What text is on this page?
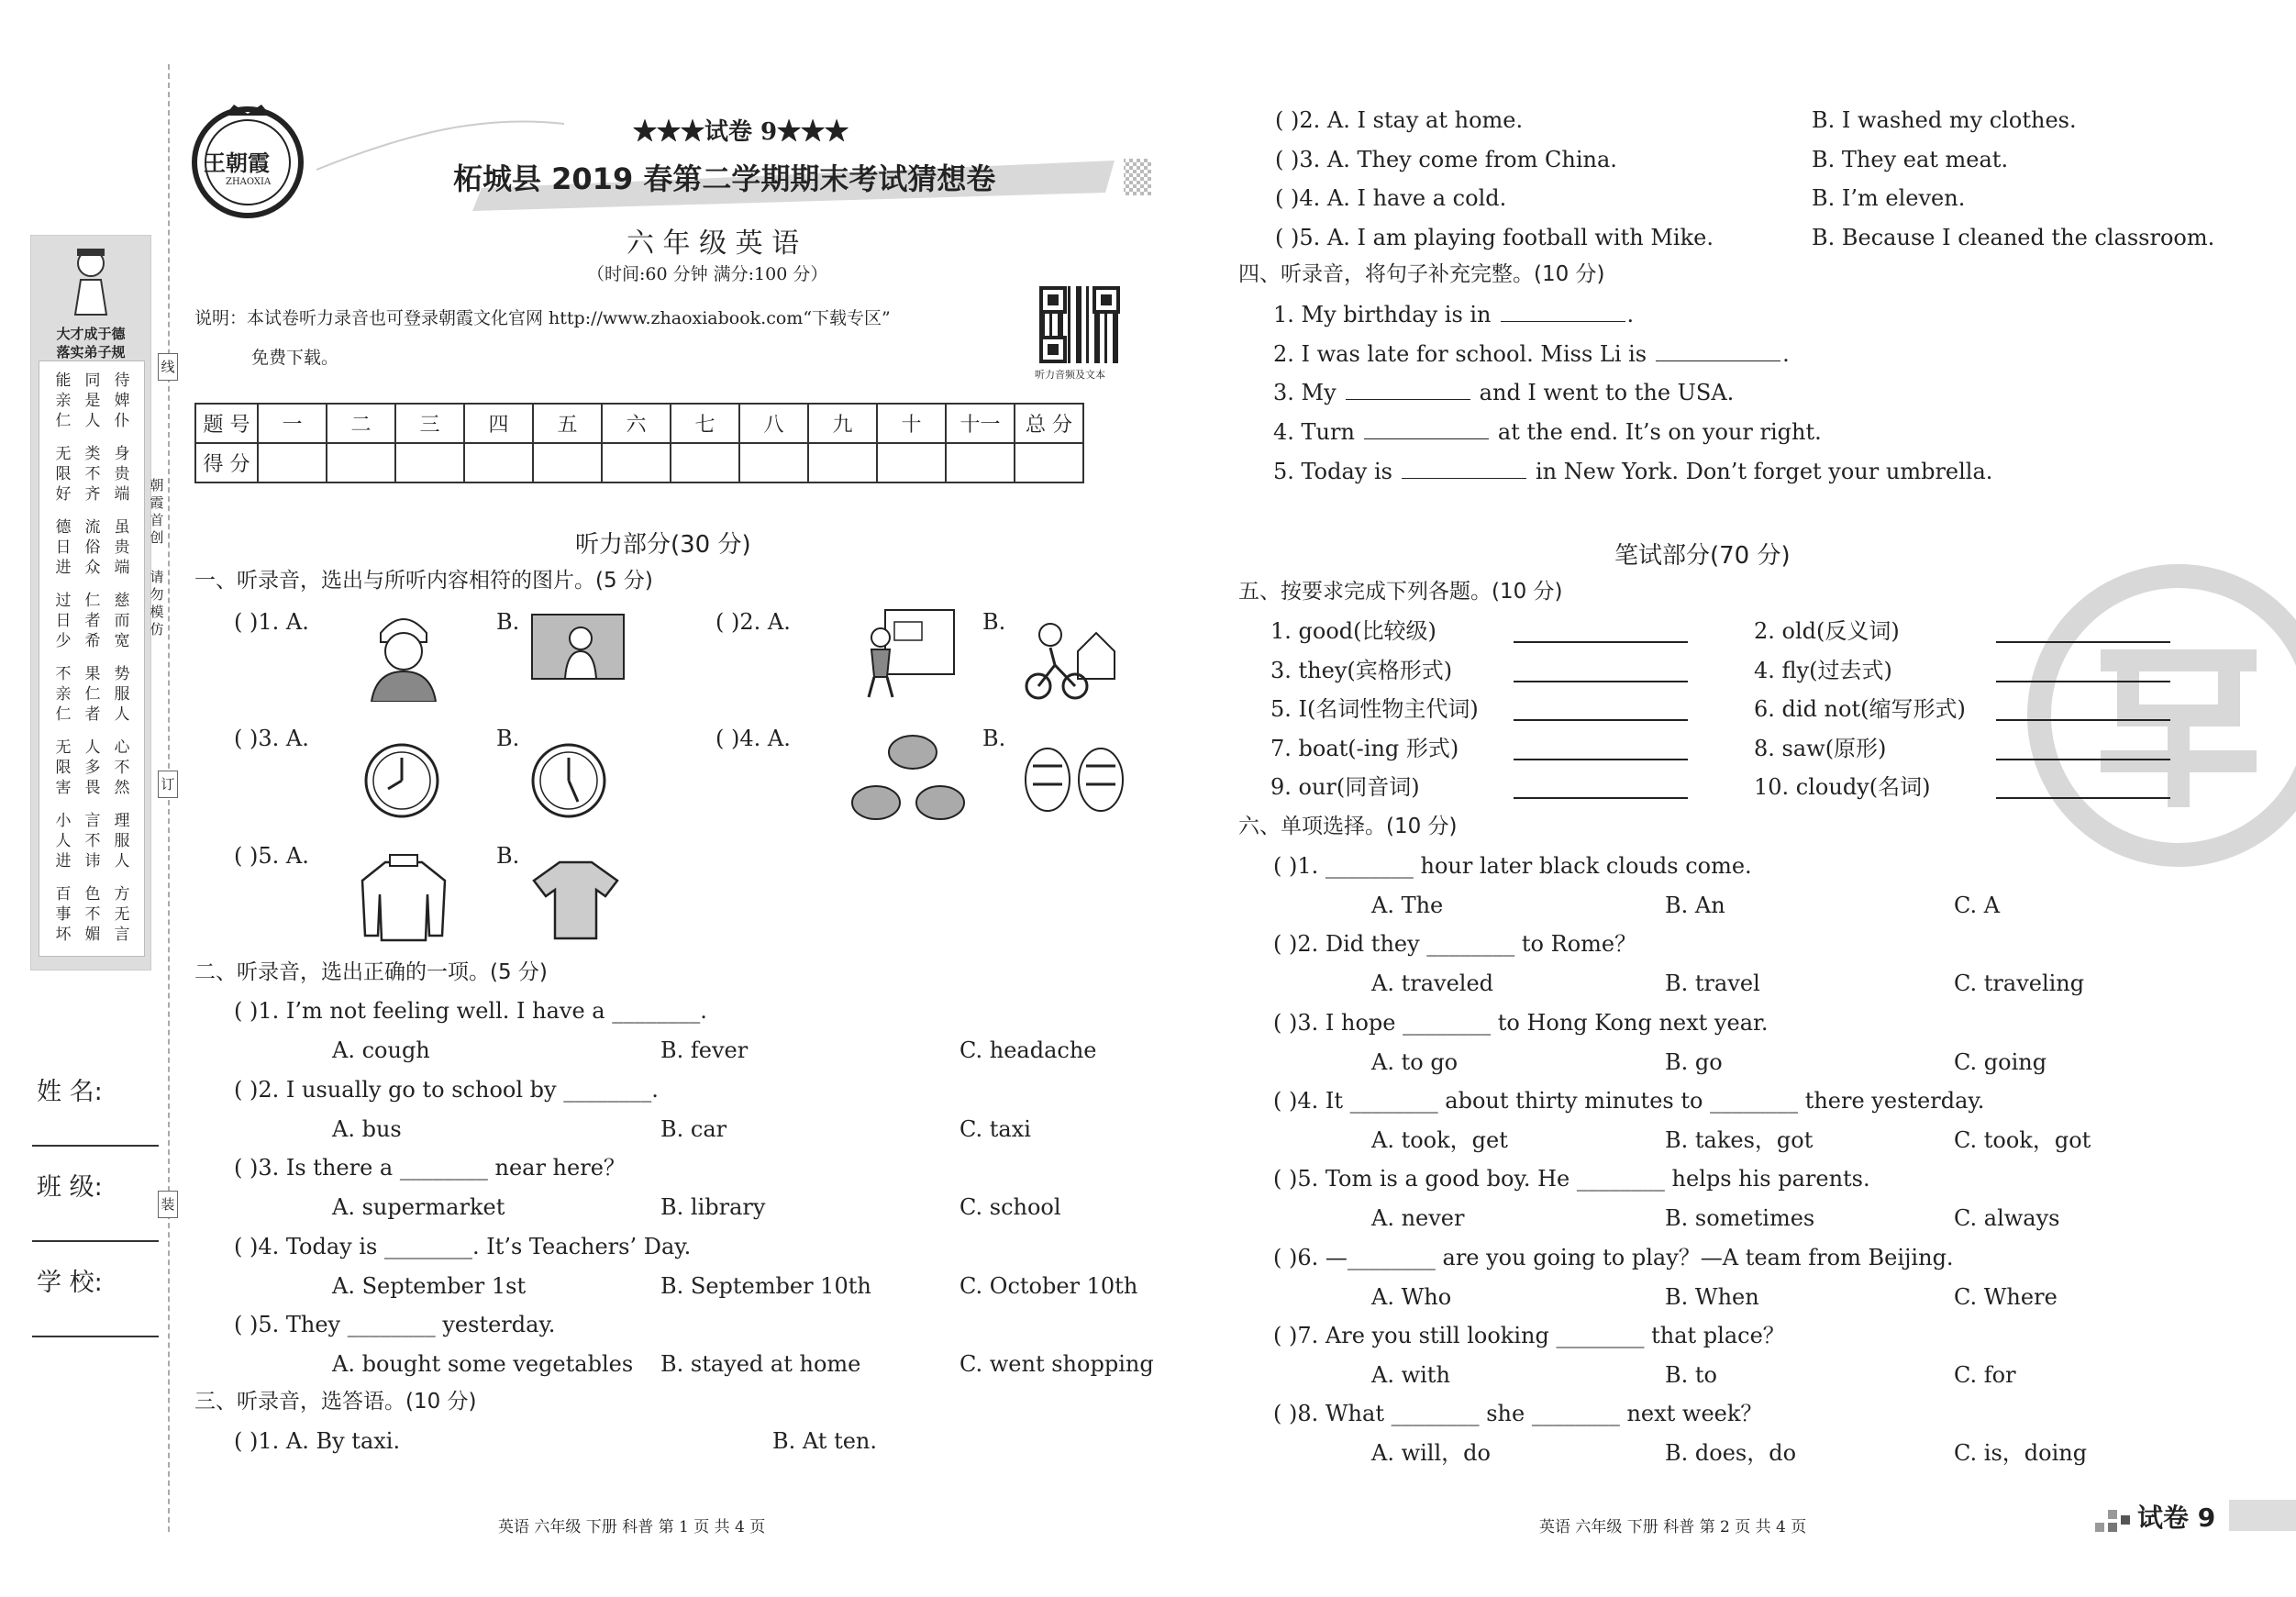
大才成于德
落实弟子规
能亲仁
同是人
待婢仆
无限好
类不齐
身贵端
德日进
流俗众
虽贵端
过日少
仁者希
慈而宽
不亲仁
果仁者
势服人
无限害
人多畏
心不然
小人进
言不讳
理服人
百事坏
色不媚
方无言
线
订
装
朝霞首创
请勿模仿
姓 名:
班 级:
学 校:
王朝霞
ZHAOXIA
★★★试卷 9★★★
柘城县 2019 春第二学期期末考试猜想卷
六 年 级 英 语
（时间:60 分钟 满分:100 分）
说明：本试卷听力录音也可登录朝霞文化官网 http://www.zhaoxiabook.com“下载专区”
免费下载。
听力音频及文本
题 号	一	二	三	四	五	六	七	八	九	十	十一	总 分
得 分												
听力部分(30 分)
一、听录音，选出与所听内容相符的图片。(5 分)
( )1. A.	B.	( )2. A.	B.
( )3. A.	B.	( )4. A.	B.
( )5. A.	B.
二、听录音，选出正确的一项。(5 分)
( )1. I’m not feeling well. I have a ________.
A. cough	B. fever	C. headache
( )2. I usually go to school by ________.
A. bus	B. car	C. taxi
( )3. Is there a ________ near here？
A. supermarket	B. library	C. school
( )4. Today is ________. It’s Teachers’ Day.
A. September 1st	B. September 10th	C. October 10th
( )5. They ________ yesterday.
A. bought some vegetables B. stayed at home	C. went shopping
三、听录音，选答语。(10 分)
( )1. A. By taxi.	B. At ten.
英语 六年级 下册 科普 第 1 页 共 4 页
( )2. A. I stay at home.	B. I washed my clothes.
( )3. A. They come from China.	B. They eat meat.
( )4. A. I have a cold.	B. I’m eleven.
( )5. A. I am playing football with Mike.	B. Because I cleaned the classroom.
四、听录音，将句子补充完整。(10 分)
1. My birthday is in	.
2. I was late for school. Miss Li is	.
3. My	and I went to the USA.
4. Turn	at the end. It’s on your right.
5. Today is	in New York. Don’t forget your umbrella.
笔试部分(70 分)
五、按要求完成下列各题。(10 分)
1. good(比较级)	2. old(反义词)
3. they(宾格形式)	4. fly(过去式)
5. I(名词性物主代词)	6. did not(缩写形式)
7. boat(-ing 形式)	8. saw(原形)
9. our(同音词)	10. cloudy(名词)
六、单项选择。(10 分)
( )1. ________ hour later black clouds come.
A. The	B. An	C. A
( )2. Did they ________ to Rome？
A. traveled	B. travel	C. traveling
( )3. I hope ________ to Hong Kong next year.
A. to go	B. go	C. going
( )4. It ________ about thirty minutes to ________ there yesterday.
A. took，get	B. takes，got	C. took，got
( )5. Tom is a good boy. He ________ helps his parents.
A. never	B. sometimes	C. always
( )6. —________ are you going to play？—A team from Beijing.
A. Who	B. When	C. Where
( )7. Are you still looking ________ that place？
A. with	B. to	C. for
( )8. What ________ she ________ next week？
A. will，do	B. does，do	C. is，doing
英语 六年级 下册 科普 第 2 页 共 4 页	试卷 9
